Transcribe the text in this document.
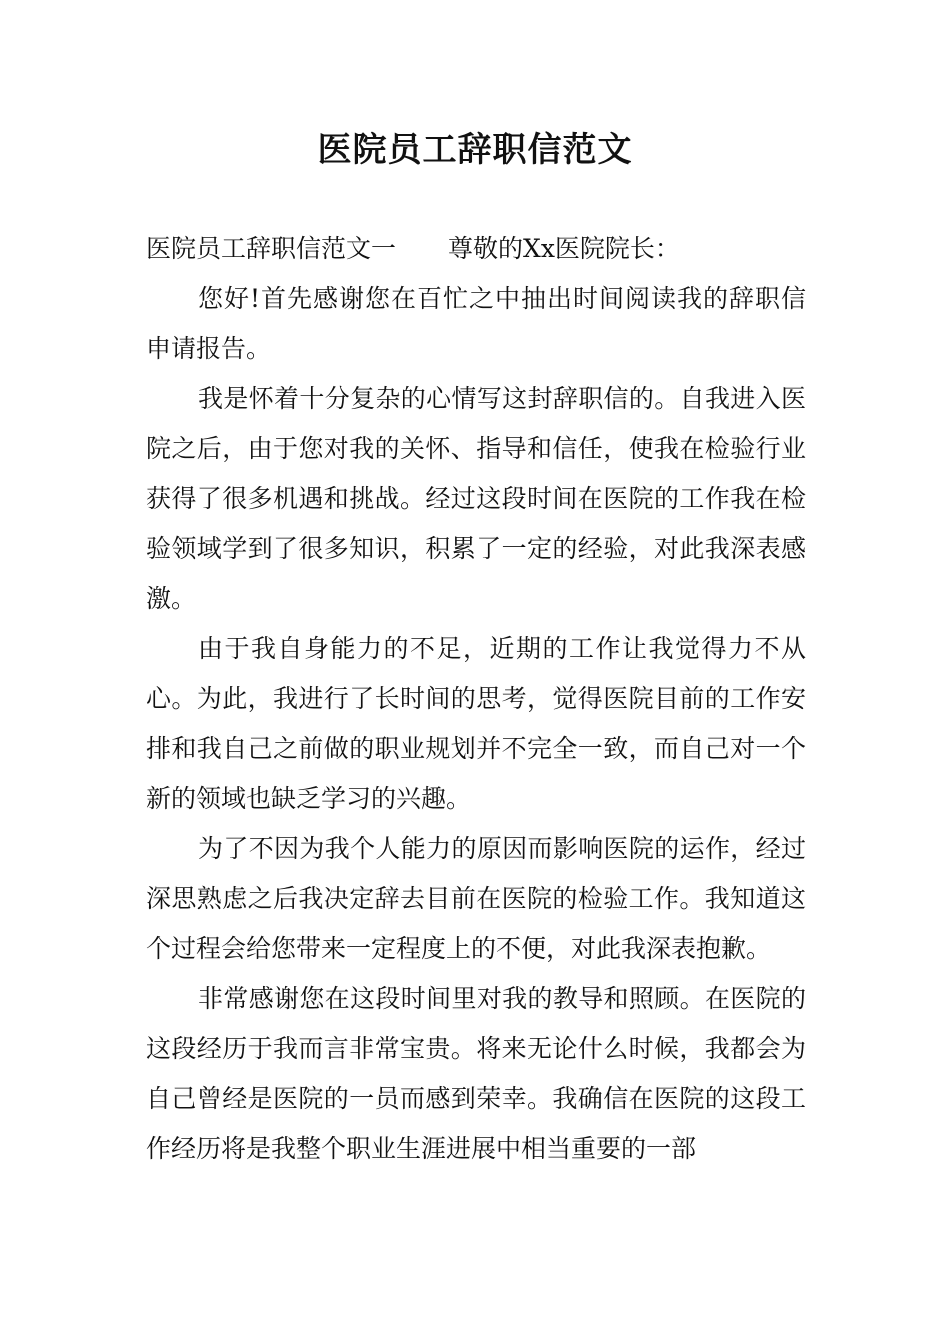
医院员工辞职信范文

医院员工辞职信范文一 尊敬的Xx医院院长：

您好!首先感谢您在百忙之中抽出时间阅读我的辞职信申请报告。

我是怀着十分复杂的心情写这封辞职信的。自我进入医院之后，由于您对我的关怀、指导和信任，使我在检验行业获得了很多机遇和挑战。经过这段时间在医院的工作我在检验领域学到了很多知识，积累了一定的经验，对此我深表感激。

由于我自身能力的不足，近期的工作让我觉得力不从心。为此，我进行了长时间的思考，觉得医院目前的工作安排和我自己之前做的职业规划并不完全一致，而自己对一个新的领域也缺乏学习的兴趣。

为了不因为我个人能力的原因而影响医院的运作，经过深思熟虑之后我决定辞去目前在医院的检验工作。我知道这个过程会给您带来一定程度上的不便，对此我深表抱歉。

非常感谢您在这段时间里对我的教导和照顾。在医院的这段经历于我而言非常宝贵。将来无论什么时候，我都会为自己曾经是医院的一员而感到荣幸。我确信在医院的这段工作经历将是我整个职业生涯进展中相当重要的一部
